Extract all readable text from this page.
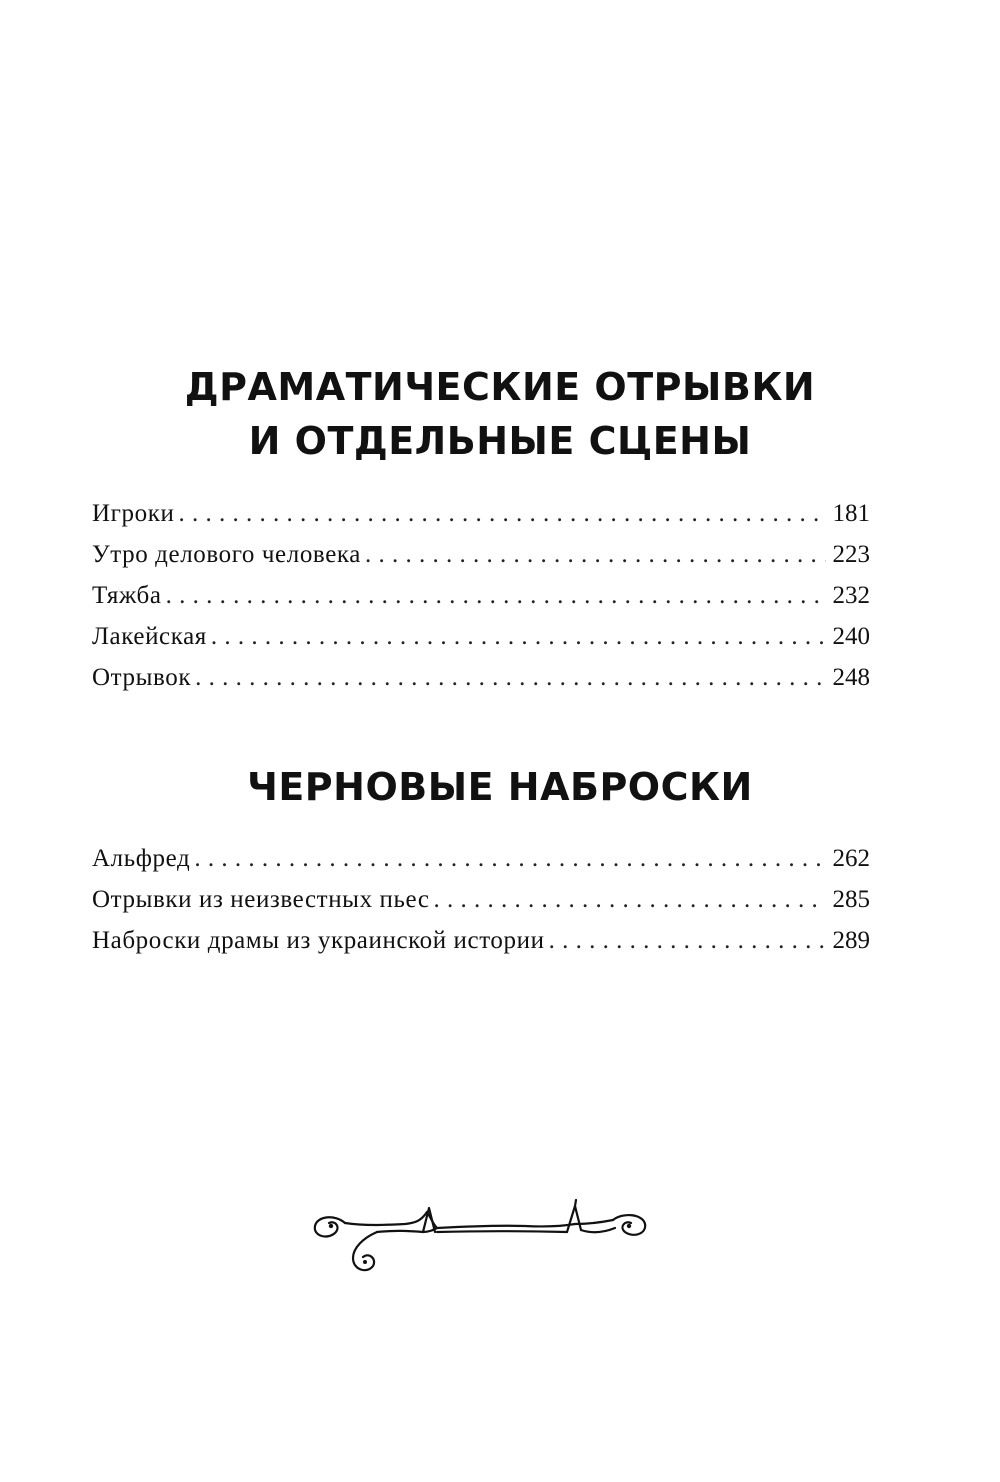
ДРАМАТИЧЕСКИЕ ОТРЫВКИ
И ОТДЕЛЬНЫЕ СЦЕНЫ
Игроки . . .	181
Утро делового человека . . .	223
Тяжба . . .	232
Лакейская . . .	240
Отрывок . . .	248
ЧЕРНОВЫЕ НАБРОСКИ
Альфред . . .	262
Отрывки из неизвестных пьес . . .	285
Наброски драмы из украинской истории . . .	289
